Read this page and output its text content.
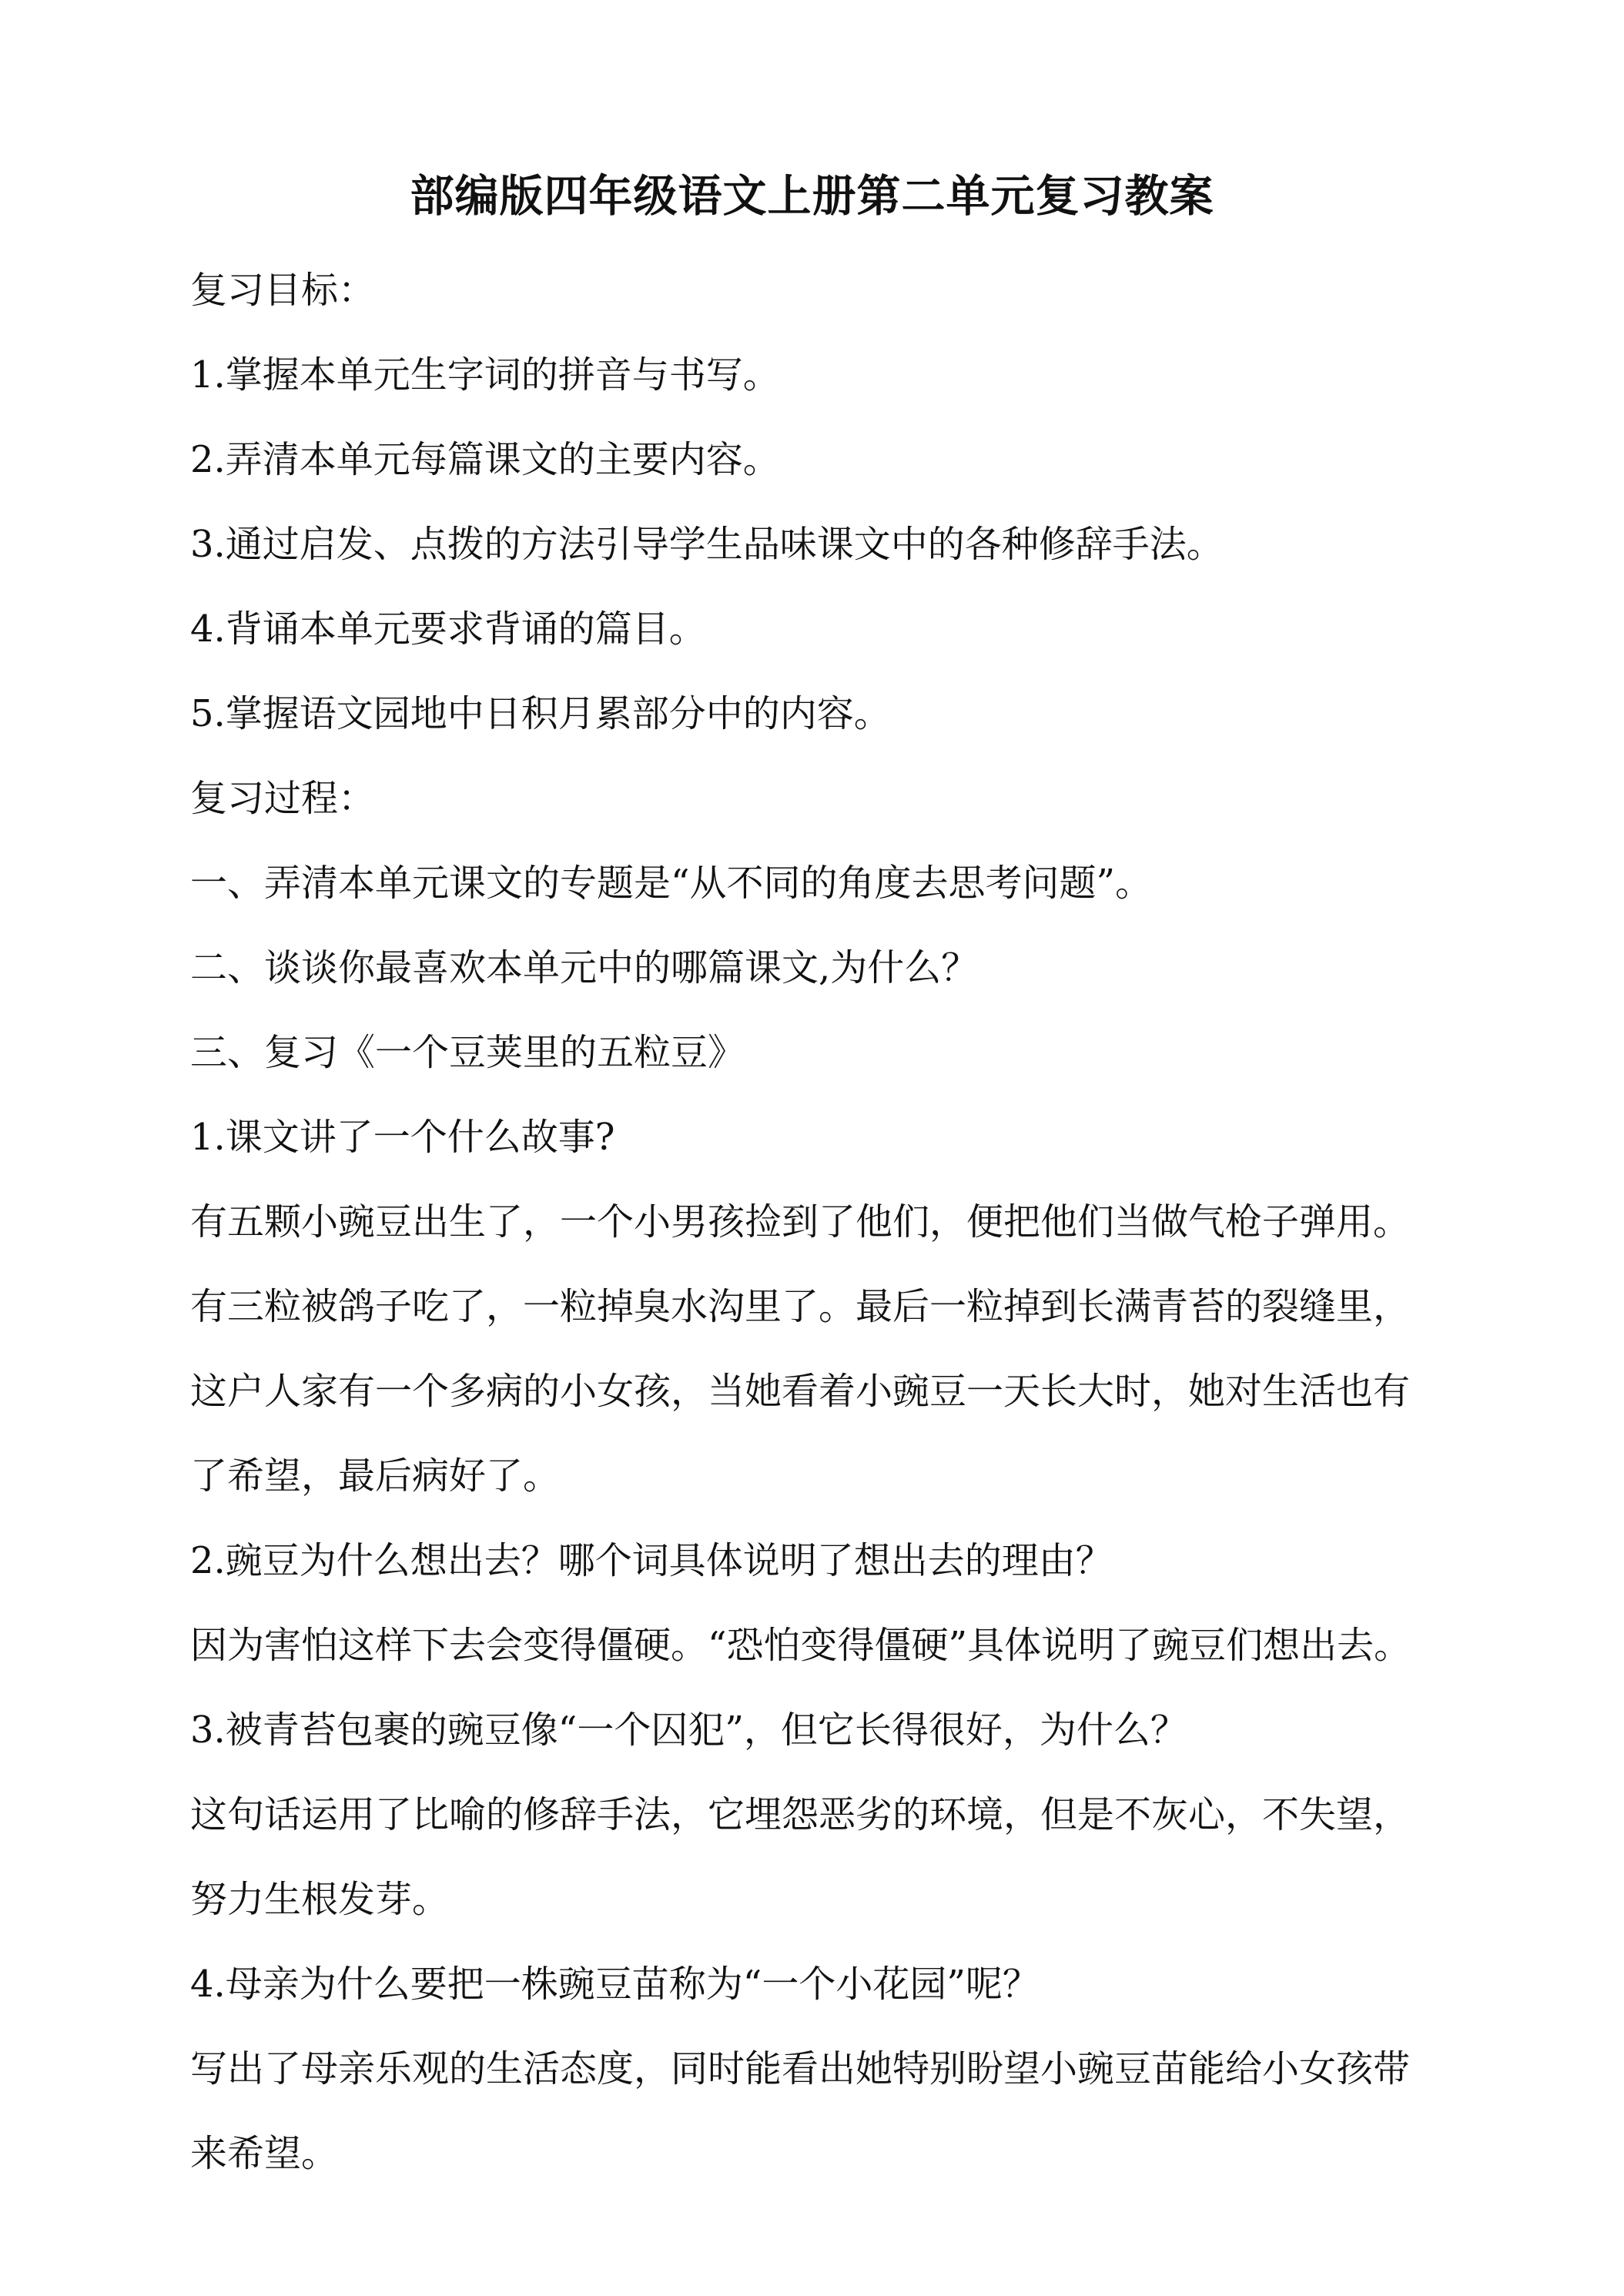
部编版四年级语文上册第二单元复习教案
复习目标：
1.掌握本单元生字词的拼音与书写。
2.弄清本单元每篇课文的主要内容。
3.通过启发、点拨的方法引导学生品味课文中的各种修辞手法。
4.背诵本单元要求背诵的篇目。
5.掌握语文园地中日积月累部分中的内容。
复习过程：
一、弄清本单元课文的专题是“从不同的角度去思考问题”。
二、谈谈你最喜欢本单元中的哪篇课文,为什么？
三、复习《一个豆荚里的五粒豆》
1.课文讲了一个什么故事?
有五颗小豌豆出生了，一个小男孩捡到了他们，便把他们当做气枪子弹用。
有三粒被鸽子吃了，一粒掉臭水沟里了。最后一粒掉到长满青苔的裂缝里，
这户人家有一个多病的小女孩，当她看着小豌豆一天长大时，她对生活也有
了希望，最后病好了。
2.豌豆为什么想出去？哪个词具体说明了想出去的理由？
因为害怕这样下去会变得僵硬。“恐怕变得僵硬”具体说明了豌豆们想出去。
3.被青苔包裹的豌豆像“一个囚犯”，但它长得很好，为什么？
这句话运用了比喻的修辞手法，它埋怨恶劣的环境，但是不灰心，不失望，
努力生根发芽。
4.母亲为什么要把一株豌豆苗称为“一个小花园”呢？
写出了母亲乐观的生活态度，同时能看出她特别盼望小豌豆苗能给小女孩带
来希望。
